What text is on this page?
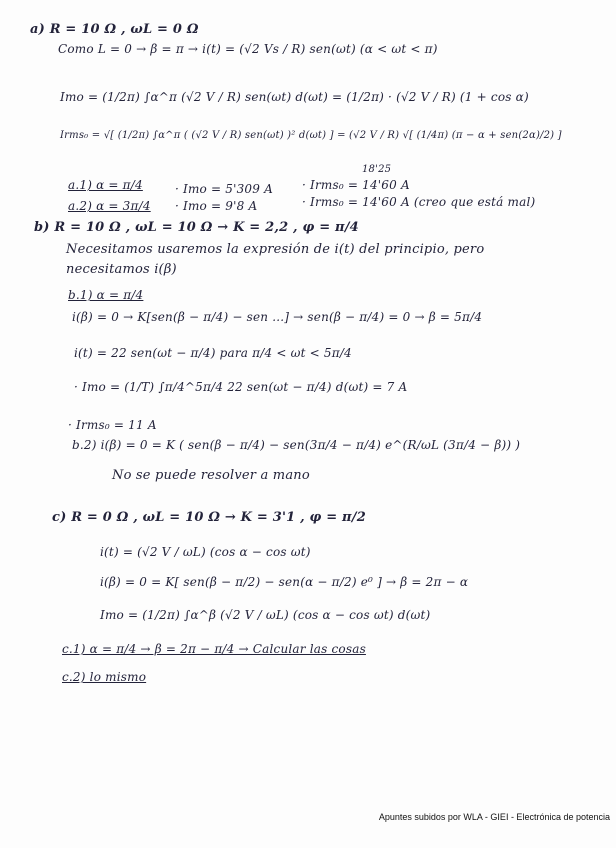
a) R = 10 Ω , ωL = 0 Ω
Como L = 0 → β = π → i(t) = (√2 Vs / R) sen(ωt) (α < ωt < π)
Imo = (1/2π) ∫α^π (√2 V / R) sen(ωt) d(ωt) = (1/2π) · (√2 V / R) (1 + cos α)
Irms₀ = √[ (1/2π) ∫α^π ( (√2 V / R) sen(ωt) )² d(ωt) ] = (√2 V / R) √[ (1/4π) (π − α + sen(2α)/2) ]
a.1) α = π/4	· Imo = 5'309 A · Irms₀ = 14'60 A
18'25
a.2) α = 3π/4 · Imo = 9'8 A	· Irms₀ = 14'60 A (creo que está mal)
b) R = 10 Ω , ωL = 10 Ω → K = 2,2 , φ = π/4
Necesitamos usaremos la expresión de i(t) del principio, pero
necesitamos i(β)
b.1) α = π/4
i(β) = 0 → K[sen(β − π/4) − sen ...] → sen(β − π/4) = 0 → β = 5π/4
i(t) = 22 sen(ωt − π/4) para π/4 < ωt < 5π/4
· Imo = (1/T) ∫π/4^5π/4 22 sen(ωt − π/4) d(ωt) = 7 A
· Irms₀ = 11 A
b.2) i(β) = 0 = K ( sen(β − π/4) − sen(3π/4 − π/4) e^(R/ωL (3π/4 − β)) )
No se puede resolver a mano
c) R = 0 Ω , ωL = 10 Ω → K = 3'1 , φ = π/2
i(t) = (√2 V / ωL) (cos α − cos ωt)
i(β) = 0 = K[ sen(β − π/2) − sen(α − π/2) e⁰ ] → β = 2π − α
Imo = (1/2π) ∫α^β (√2 V / ωL) (cos α − cos ωt) d(ωt)
c.1) α = π/4 → β = 2π − π/4 → Calcular las cosas
c.2) lo mismo
Apuntes subidos por WLA - GIEI - Electrónica de potencia
